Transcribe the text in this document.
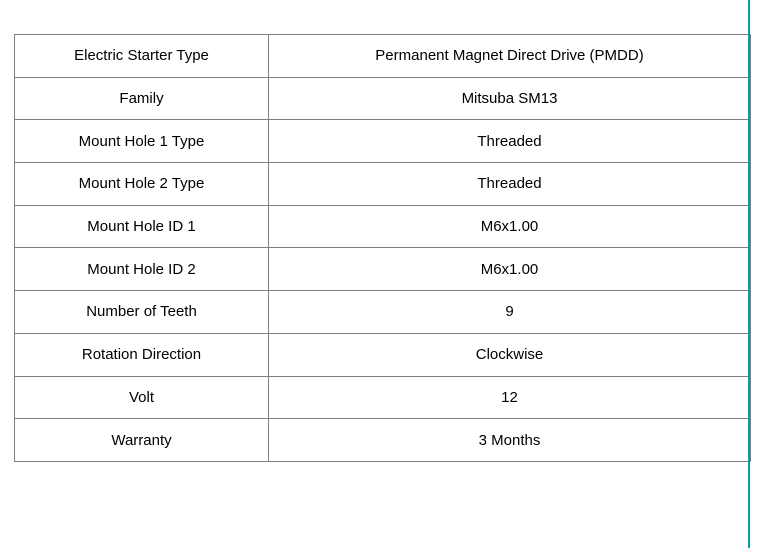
Electric Starter Type	Permanent Magnet Direct Drive (PMDD)
Family	Mitsuba SM13
Mount Hole 1 Type	Threaded
Mount Hole 2 Type	Threaded
Mount Hole ID 1	M6x1.00
Mount Hole ID 2	M6x1.00
Number of Teeth	9
Rotation Direction	Clockwise
Volt	12
Warranty	3 Months
